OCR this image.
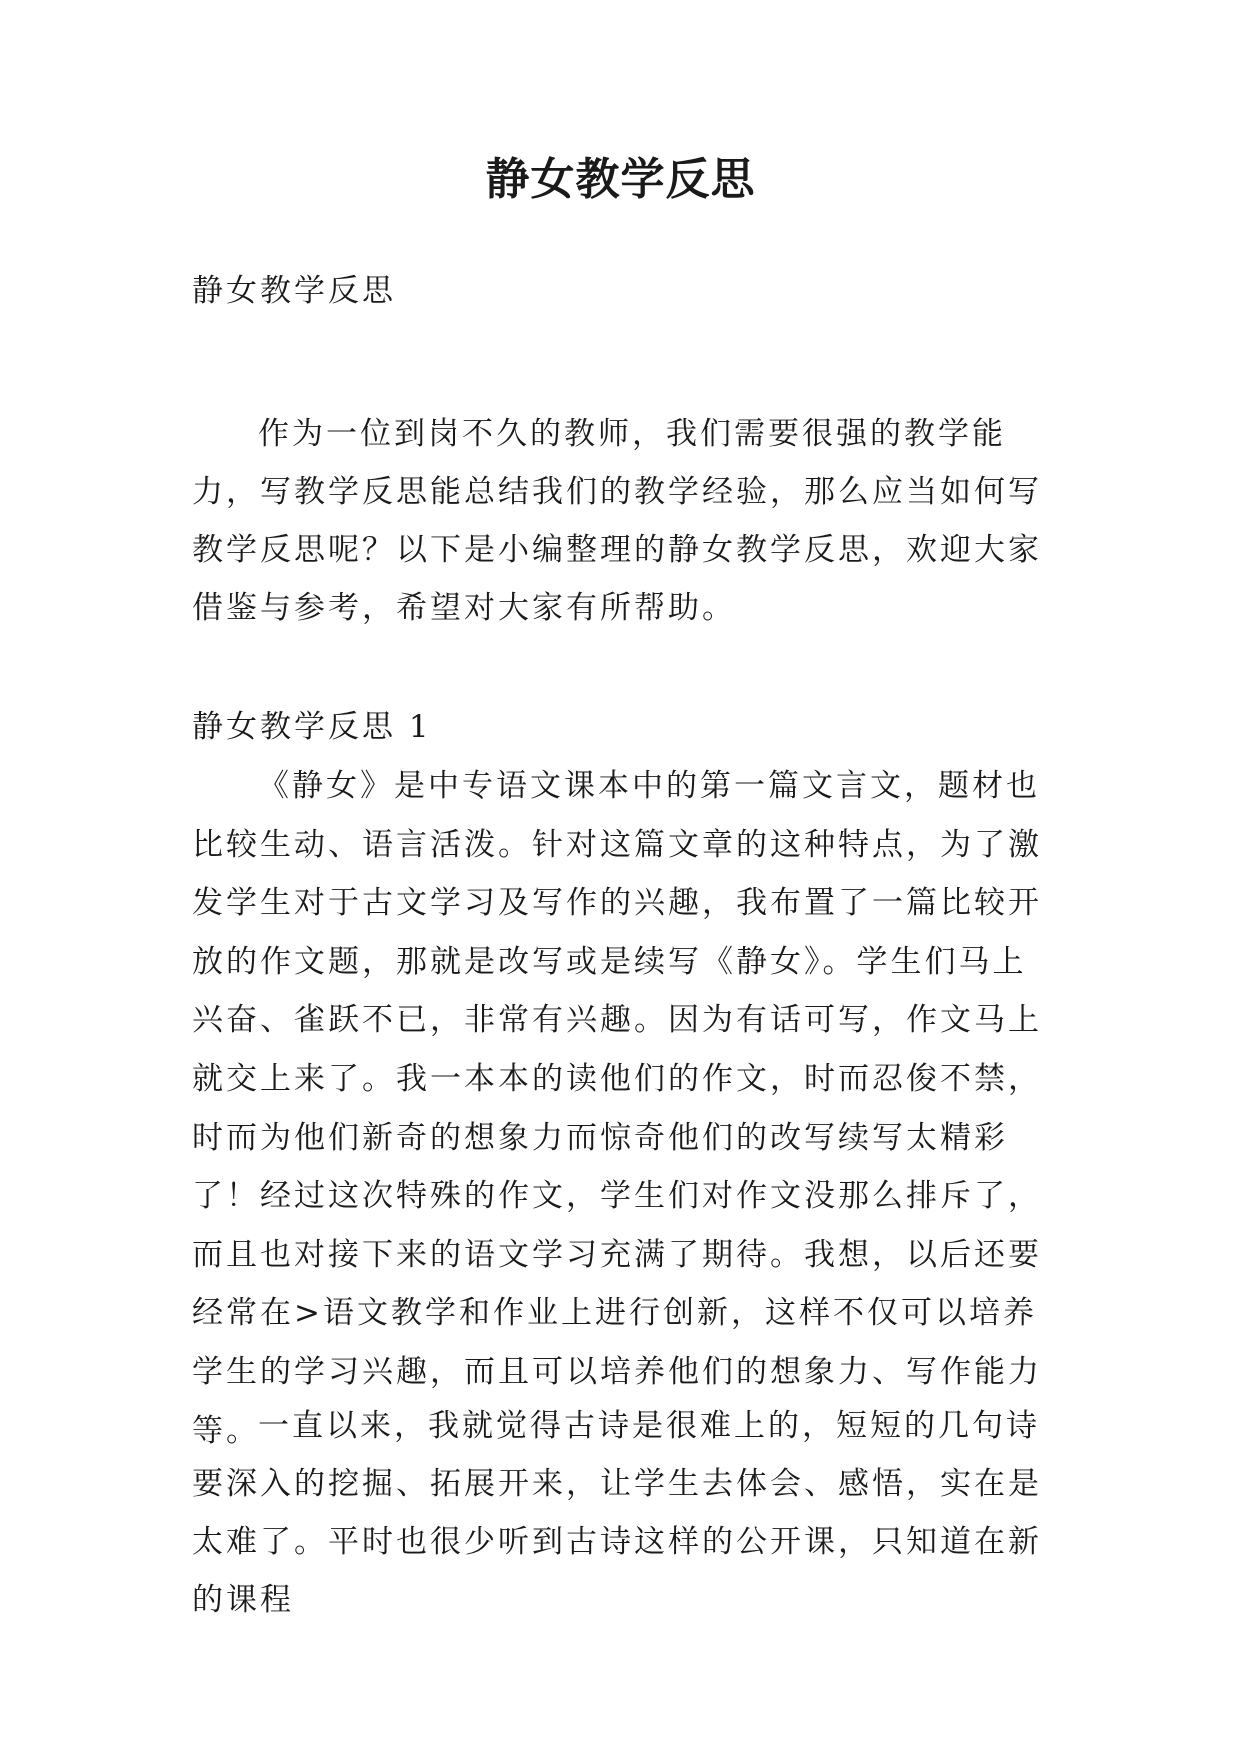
静女教学反思

静女教学反思

作为一位到岗不久的教师，我们需要很强的教学能力，写教学反思能总结我们的教学经验，那么应当如何写教学反思呢？以下是小编整理的静女教学反思，欢迎大家借鉴与参考，希望对大家有所帮助。

静女教学反思 1

《静女》是中专语文课本中的第一篇文言文，题材也比较生动、语言活泼。针对这篇文章的这种特点，为了激发学生对于古文学习及写作的兴趣，我布置了一篇比较开放的作文题，那就是改写或是续写《静女》。学生们马上兴奋、雀跃不已，非常有兴趣。因为有话可写，作文马上就交上来了。我一本本的读他们的作文，时而忍俊不禁，时而为他们新奇的想象力而惊奇他们的改写续写太精彩了！经过这次特殊的作文，学生们对作文没那么排斥了，而且也对接下来的语文学习充满了期待。我想，以后还要经常在>语文教学和作业上进行创新，这样不仅可以培养学生的学习兴趣，而且可以培养他们的想象力、写作能力等。

一直以来，我就觉得古诗是很难上的，短短的几句诗要深入的挖掘、拓展开来，让学生去体会、感悟，实在是太难了。平时也很少听到古诗这样的公开课，只知道在新的课程
